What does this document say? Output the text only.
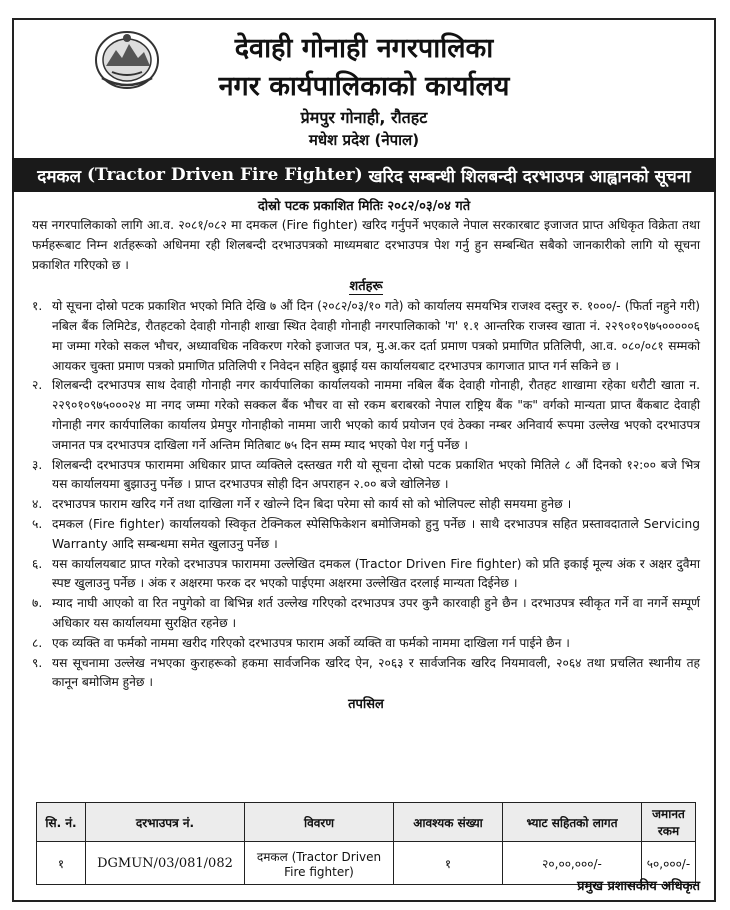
देवाही गोनाही नगरपालिका
नगर कार्यपालिकाको कार्यालय
प्रेमपुर गोनाही, रौतहट
मधेश प्रदेश (नेपाल)
दमकल
(Tractor Driven Fire Fighter)
खरिद सम्बन्धी शिलबन्दी दरभाउपत्र आह्वानको सूचना
दोस्रो पटक प्रकाशित मितिः २०८२/०३/०४ गते

यस नगरपालिकाको लागि आ.व. २०८१/०८२ मा दमकल (Fire fighter) खरिद गर्नुपर्ने भएकाले नेपाल सरकारबाट इजाजत प्राप्त अधिकृत विक्रेता तथा फर्महरूबाट निम्न शर्तहरूको अधिनमा रही शिलबन्दी दरभाउपत्रको माध्यमबाट दरभाउपत्र पेश गर्नु हुन सम्बन्धित सबैको जानकारीको लागि यो सूचना प्रकाशित गरिएको छ ।

शर्तहरू
१. यो सूचना दोस्रो पटक प्रकाशित भएको मिति देखि ७ औं दिन (२०८२/०३/१० गते) को कार्यालय समयभित्र राजश्व दस्तुर रु. १०००/- (फिर्ता नहुने गरी) नबिल बैंक लिमिटेड, रौतहटको देवाही गोनाही शाखा स्थित देवाही गोनाही नगरपालिकाको 'ग' १.१ आन्तरिक राजस्व खाता नं. २२९०१०९७५०००००६ मा जम्मा गरेको सकल भौचर, अध्यावधिक नविकरण गरेको इजाजत पत्र, मु.अ.कर दर्ता प्रमाण पत्रको प्रमाणित प्रतिलिपी, आ.व. ०८०/०८१ सम्मको आयकर चुक्ता प्रमाण पत्रको प्रमाणित प्रतिलिपी र निवेदन सहित बुझाई यस कार्यालयबाट दरभाउपत्र कागजात प्राप्त गर्न सकिने छ ।
२. शिलबन्दी दरभाउपत्र साथ देवाही गोनाही नगर कार्यपालिका कार्यालयको नाममा नबिल बैंक देवाही गोनाही, रौतहट शाखामा रहेका धरौटी खाता न. २२९०१०९७५०००२४ मा नगद जम्मा गरेको सक्कल बैंक भौचर वा सो रकम बराबरको नेपाल राष्ट्रिय बैंक "क" वर्गको मान्यता प्राप्त बैंकबाट देवाही गोनाही नगर कार्यपालिका कार्यालय प्रेमपुर गोनाहीको नाममा जारी भएको कार्य प्रयोजन एवं ठेक्का नम्बर अनिवार्य रूपमा उल्लेख भएको दरभाउपत्र जमानत पत्र दरभाउपत्र दाखिला गर्ने अन्तिम मितिबाट ७५ दिन सम्म म्याद भएको पेश गर्नु पर्नेछ ।
३. शिलबन्दी दरभाउपत्र फाराममा अधिकार प्राप्त व्यक्तिले दस्तखत गरी यो सूचना दोस्रो पटक प्रकाशित भएको मितिले ८ औं दिनको १२:०० बजे भित्र यस कार्यालयमा बुझाउनु पर्नेछ । प्राप्त दरभाउपत्र सोही दिन अपराहन २.०० बजे खोलिनेछ ।
४. दरभाउपत्र फाराम खरिद गर्ने तथा दाखिला गर्ने र खोल्ने दिन बिदा परेमा सो कार्य सो को भोलिपल्ट सोही समयमा हुनेछ ।
५. दमकल (Fire fighter) कार्यालयको स्विकृत टेक्निकल स्पेसिफिकेशन बमोजिमको हुनु पर्नेछ । साथै दरभाउपत्र सहित प्रस्तावदाताले Servicing Warranty आदि सम्बन्धमा समेत खुलाउनु पर्नेछ ।
६. यस कार्यालयबाट प्राप्त गरेको दरभाउपत्र फाराममा उल्लेखित दमकल (Tractor Driven Fire fighter) को प्रति इकाई मूल्य अंक र अक्षर दुवैमा स्पष्ट खुलाउनु पर्नेछ । अंक र अक्षरमा फरक दर भए‌को पाईएमा अक्षरमा उल्लेखित दरलाई मान्यता दिईनेछ ।
७. म्याद नाघी आएको वा रित नपुगेको वा बिभिन्न शर्त उल्लेख गरिएको दरभाउपत्र उपर कुनै कारवाही हुने छैन । दरभाउपत्र स्वीकृत गर्ने वा नगर्ने सम्पूर्ण अधिकार यस कार्यालयमा सुरक्षित रहनेछ ।
८. एक व्यक्ति वा फर्मको नाममा खरीद गरिएको दरभाउपत्र फाराम अर्को व्यक्ति वा फर्मको नाममा दाखिला गर्न पाईने छैन ।
९. यस सूचनामा उल्लेख नभएका कुराहरूको हकमा सार्वजनिक खरिद ऐन, २०६३ र सार्वजनिक खरिद नियमावली, २०६४ तथा प्रचलित स्थानीय तह कानून बमोजिम हुनेछ ।
तपसिल
सि. नं.	दरभाउपत्र नं.	विवरण	आवश्यक संख्या	भ्याट सहितको लागत	जमानत रकम
१	DGMUN/03/081/082	दमकल (Tractor Driven Fire fighter)	१	२०,००,०००/-	५०,०००/-
प्रमुख प्रशासकीय अधिकृत
